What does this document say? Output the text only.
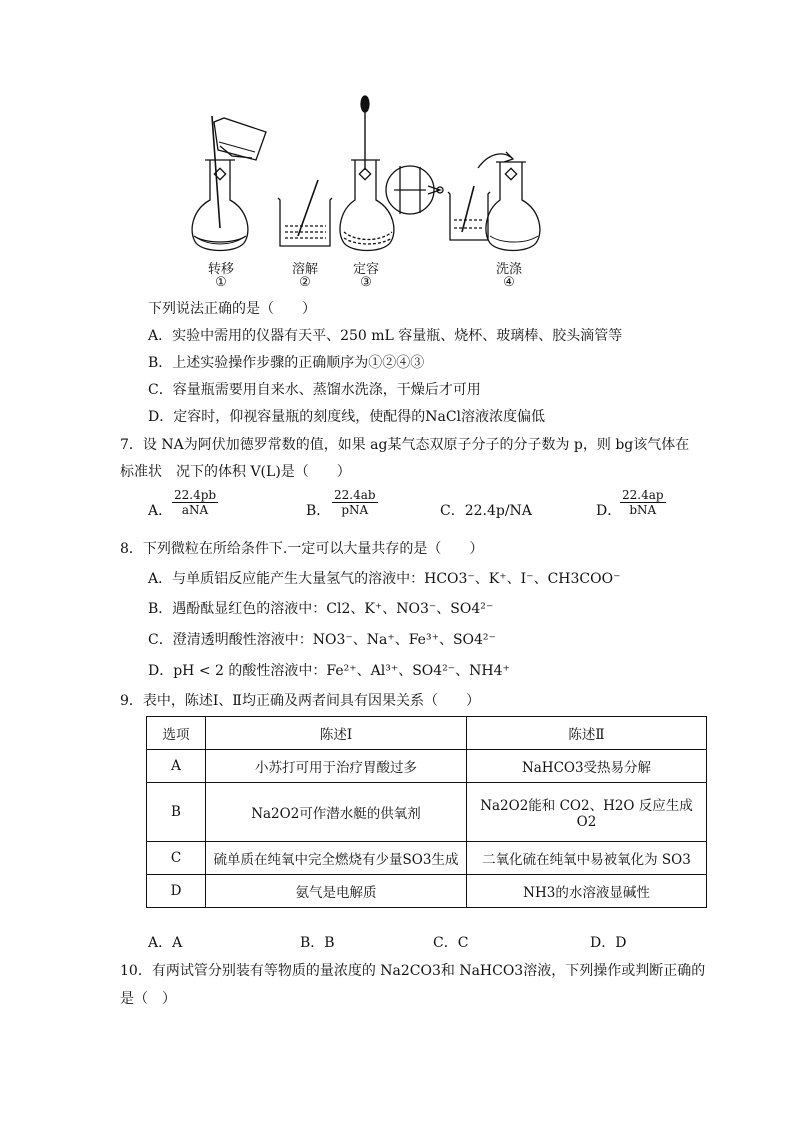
转移
①
溶解
②
定容
③
洗涤
④
下列说法正确的是（　　）
A．实验中需用的仪器有天平、250 mL 容量瓶、烧杯、玻璃棒、胶头滴管等
B．上述实验操作步骤的正确顺序为①②④③
C．容量瓶需要用自来水、蒸馏水洗涤，干燥后才可用
D．定容时，仰视容量瓶的刻度线，使配得的NaCl溶液浓度偏低
7．设 NA为阿伏加德罗常数的值，如果 ag某气态双原子分子的分子数为 p，则 bg该气体在
标准状　况下的体积 V(L)是（　　）
A．
22.4pb
aNA	B．
22.4ab
pNA	C．22.4p/NA	D．
22.4ap
bNA
8．下列微粒在所给条件下.一定可以大量共存的是（　　）
A．与单质铝反应能产生大量氢气的溶液中：HCO3⁻、K⁺、I⁻、CH3COO⁻
B．遇酚酞显红色的溶液中：Cl2、K⁺、NO3⁻、SO4²⁻
C．澄清透明酸性溶液中：NO3⁻、Na⁺、Fe³⁺、SO4²⁻
D．pH < 2 的酸性溶液中：Fe²⁺、Al³⁺、SO4²⁻、NH4⁺
9．表中，陈述Ⅰ、Ⅱ均正确及两者间具有因果关系（　　）
选项	陈述Ⅰ	陈述Ⅱ
A	小苏打可用于治疗胃酸过多	NaHCO3受热易分解
B	Na2O2可作潜水艇的供氧剂	Na2O2能和 CO2、H2O 反应生成 O2
C	硫单质在纯氧中完全燃烧有少量SO3生成	二氧化硫在纯氧中易被氧化为 SO3
D	氨气是电解质	NH3的水溶液显碱性
A．A	B．B	C．C	D．D
10．有两试管分别装有等物质的量浓度的 Na2CO3和 NaHCO3溶液，下列操作或判断正确的
是（　）
